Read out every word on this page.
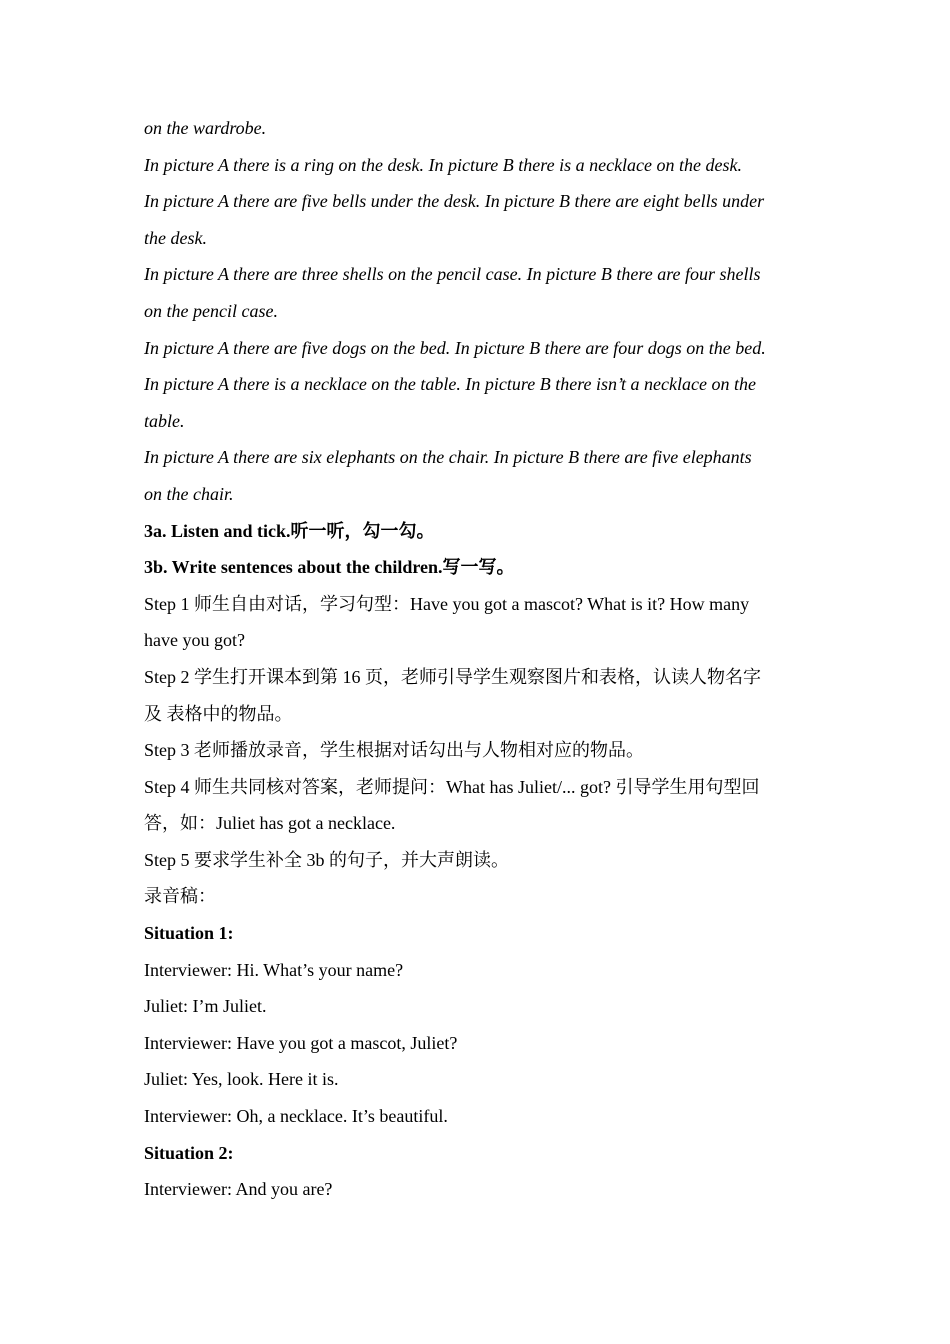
on the wardrobe.
In picture A there is a ring on the desk. In picture B there is a necklace on the desk.
In picture A there are five bells under the desk. In picture B there are eight bells under
the desk.
In picture A there are three shells on the pencil case. In picture B there are four shells
on the pencil case.
In picture A there are five dogs on the bed. In picture B there are four dogs on the bed.
In picture A there is a necklace on the table. In picture B there isn’t a necklace on the
table.
In picture A there are six elephants on the chair. In picture B there are five elephants
on the chair.
3a. Listen and tick.听一听，勾一勾。
3b. Write sentences about the children.写一写。
Step 1 师生自由对话，学习句型：Have you got a mascot? What is it? How many
have you got?
Step 2 学生打开课本到第 16 页，老师引导学生观察图片和表格，认读人物名字
及 表格中的物品。
Step 3 老师播放录音，学生根据对话勾出与人物相对应的物品。
Step 4 师生共同核对答案，老师提问：What has Juliet/... got? 引导学生用句型回
答，如：Juliet has got a necklace.
Step 5 要求学生补全 3b 的句子，并大声朗读。
录音稿：
Situation 1:
Interviewer: Hi. What’s your name?
Juliet: I’m Juliet.
Interviewer: Have you got a mascot, Juliet?
Juliet: Yes, look. Here it is.
Interviewer: Oh, a necklace. It’s beautiful.
Situation 2:
Interviewer: And you are?
